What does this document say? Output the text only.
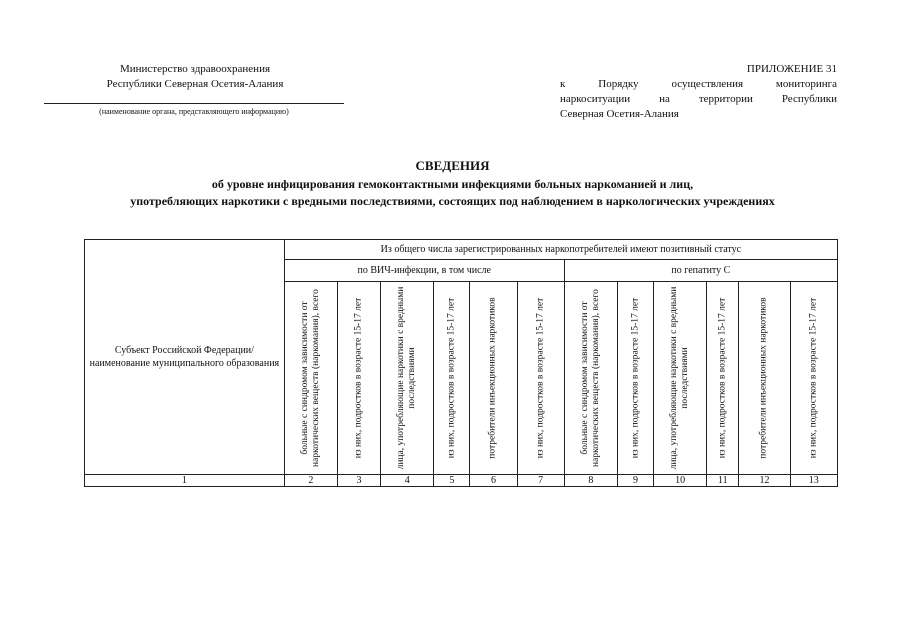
Министерство здравоохранения
Республики Северная Осетия-Алания
(наименование органа, представляющего информацию)
ПРИЛОЖЕНИЕ 31
к Порядку осуществления мониторинга
наркоситуации на территории Республики
Северная Осетия-Алания
СВЕДЕНИЯ
об уровне инфицирования гемоконтактными инфекциями больных наркоманией и лиц,
употребляющих наркотики с вредными последствиями, состоящих под наблюдением в наркологических учреждениях
Субъект Российской Федерации/ наименование муниципального образования	Из общего числа зарегистрированных наркопотребителей имеют позитивный статус											
	по ВИЧ-инфекции, в том числе						по гепатиту С					

	больные с синдромом зависимости от наркотических веществ (наркомания), всего	из них, подростков в возрасте 15-17 лет	лица, употребляющие наркотики с вредными последствиями	из них, подростков в возрасте 15-17 лет	потребители инъекционных наркотиков	из них, подростков в возрасте 15-17 лет	больные с синдромом зависимости от наркотических веществ (наркомания), всего	из них, подростков в возрасте 15-17 лет	лица, употребляющие наркотики с вредными последствиями	из них, подростков в возрасте 15-17 лет	потребители инъекционных наркотиков	из них, подростков в возрасте 15-17 лет

1	2	3	4	5	6	7	8	9	10	11	12	13
